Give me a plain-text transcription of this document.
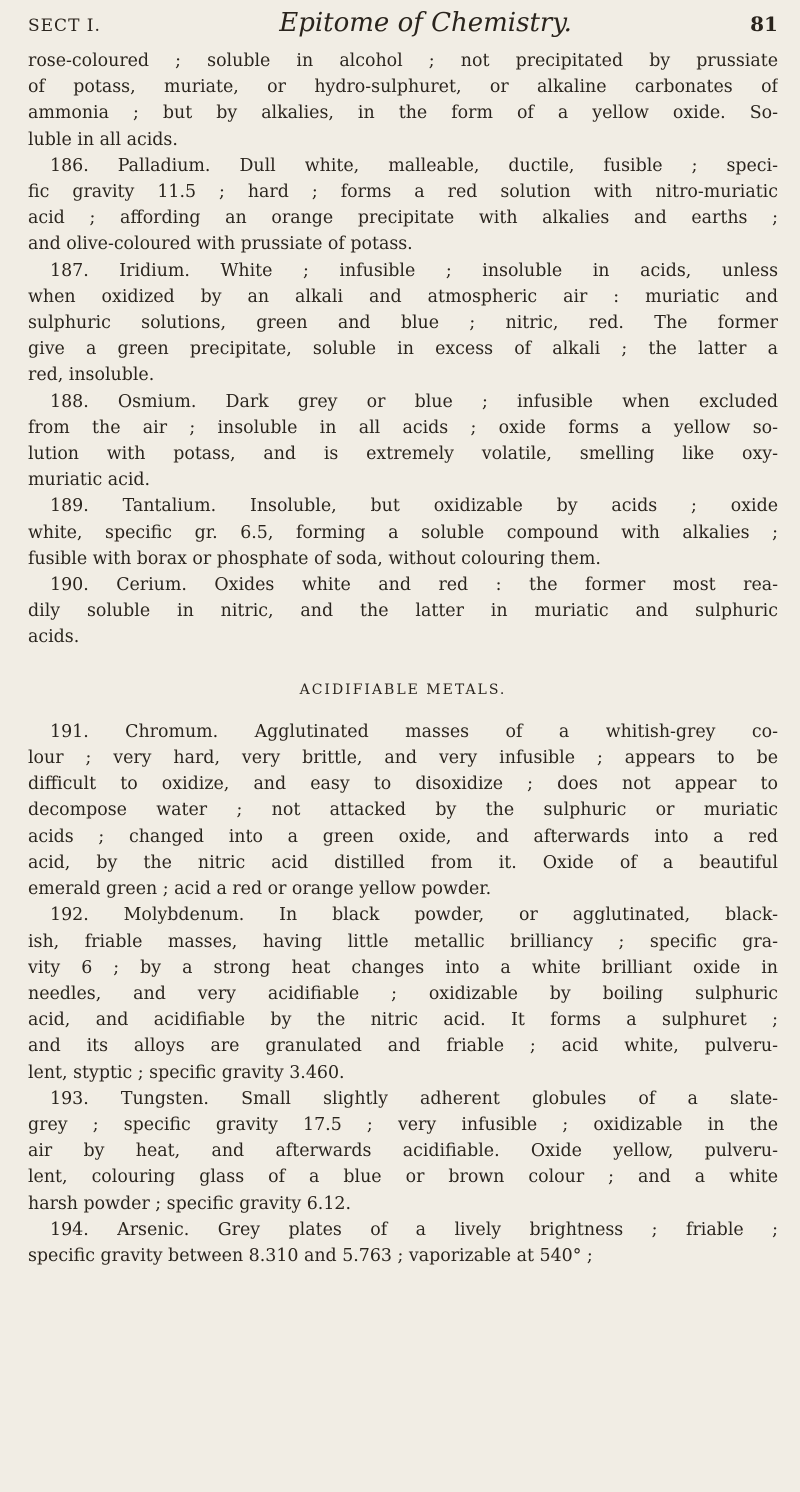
SECT I.	Epitome of Chemistry.	81
rose-coloured ; soluble in alcohol ; not precipitated by prussiate
of potass, muriate, or hydro-sulphuret, or alkaline carbonates of
ammonia ; but by alkalies, in the form of a yellow oxide. So-
luble in all acids.
186. Palladium. Dull white, malleable, ductile, fusible ; speci-
fic gravity 11.5 ; hard ; forms a red solution with nitro-muriatic
acid ; affording an orange precipitate with alkalies and earths ;
and olive-coloured with prussiate of potass.
187. Iridium. White ; infusible ; insoluble in acids, unless
when oxidized by an alkali and atmospheric air : muriatic and
sulphuric solutions, green and blue ; nitric, red. The former
give a green precipitate, soluble in excess of alkali ; the latter a
red, insoluble.
188. Osmium. Dark grey or blue ; infusible when excluded
from the air ; insoluble in all acids ; oxide forms a yellow so-
lution with potass, and is extremely volatile, smelling like oxy-
muriatic acid.
189. Tantalium. Insoluble, but oxidizable by acids ; oxide
white, specific gr. 6.5, forming a soluble compound with alkalies ;
fusible with borax or phosphate of soda, without colouring them.
190. Cerium. Oxides white and red : the former most rea-
dily soluble in nitric, and the latter in muriatic and sulphuric
acids.
ACIDIFIABLE METALS.
191. Chromum. Agglutinated masses of a whitish-grey co-
lour ; very hard, very brittle, and very infusible ; appears to be
difficult to oxidize, and easy to disoxidize ; does not appear to
decompose water ; not attacked by the sulphuric or muriatic
acids ; changed into a green oxide, and afterwards into a red
acid, by the nitric acid distilled from it. Oxide of a beautiful
emerald green ; acid a red or orange yellow powder.
192. Molybdenum. In black powder, or agglutinated, black-
ish, friable masses, having little metallic brilliancy ; specific gra-
vity 6 ; by a strong heat changes into a white brilliant oxide in
needles, and very acidifiable ; oxidizable by boiling sulphuric
acid, and acidifiable by the nitric acid. It forms a sulphuret ;
and its alloys are granulated and friable ; acid white, pulveru-
lent, styptic ; specific gravity 3.460.
193. Tungsten. Small slightly adherent globules of a slate-
grey ; specific gravity 17.5 ; very infusible ; oxidizable in the
air by heat, and afterwards acidifiable. Oxide yellow, pulveru-
lent, colouring glass of a blue or brown colour ; and a white
harsh powder ; specific gravity 6.12.
194. Arsenic. Grey plates of a lively brightness ; friable ;
specific gravity between 8.310 and 5.763 ; vaporizable at 540° ;
